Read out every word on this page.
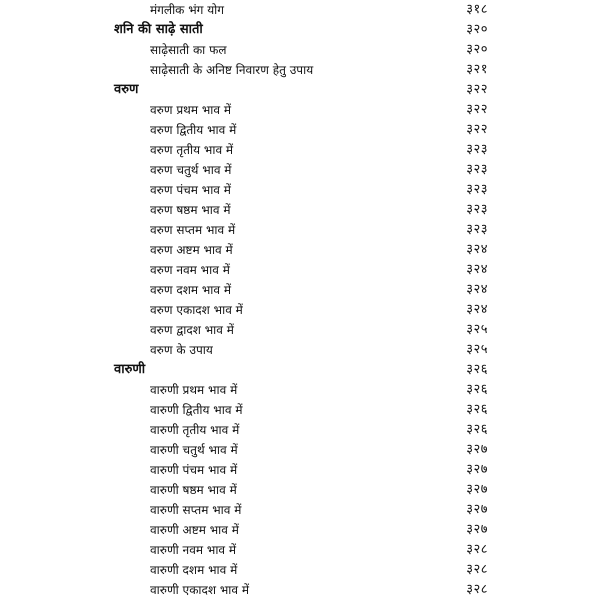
मंगलीक भंग योग	३१८
शनि की साढ़े साती	३२०
साढ़ेसाती का फल	३२०
साढ़ेसाती के अनिष्ट निवारण हेतु उपाय	३२१
वरुण	३२२
वरुण प्रथम भाव में	३२२
वरुण द्वितीय भाव में	३२२
वरुण तृतीय भाव में	३२३
वरुण चतुर्थ भाव में	३२३
वरुण पंचम भाव में	३२३
वरुण षष्ठम भाव में	३२३
वरुण सप्तम भाव में	३२३
वरुण अष्टम भाव में	३२४
वरुण नवम भाव में	३२४
वरुण दशम भाव में	३२४
वरुण एकादश भाव में	३२४
वरुण द्वादश भाव में	३२५
वरुण के उपाय	३२५
वारुणी	३२६
वारुणी प्रथम भाव में	३२६
वारुणी द्वितीय भाव में	३२६
वारुणी तृतीय भाव में	३२६
वारुणी चतुर्थ भाव में	३२७
वारुणी पंचम भाव में	३२७
वारुणी षष्ठम भाव में	३२७
वारुणी सप्तम भाव में	३२७
वारुणी अष्टम भाव में	३२७
वारुणी नवम भाव में	३२८
वारुणी दशम भाव में	३२८
वारुणी एकादश भाव में	३२८
